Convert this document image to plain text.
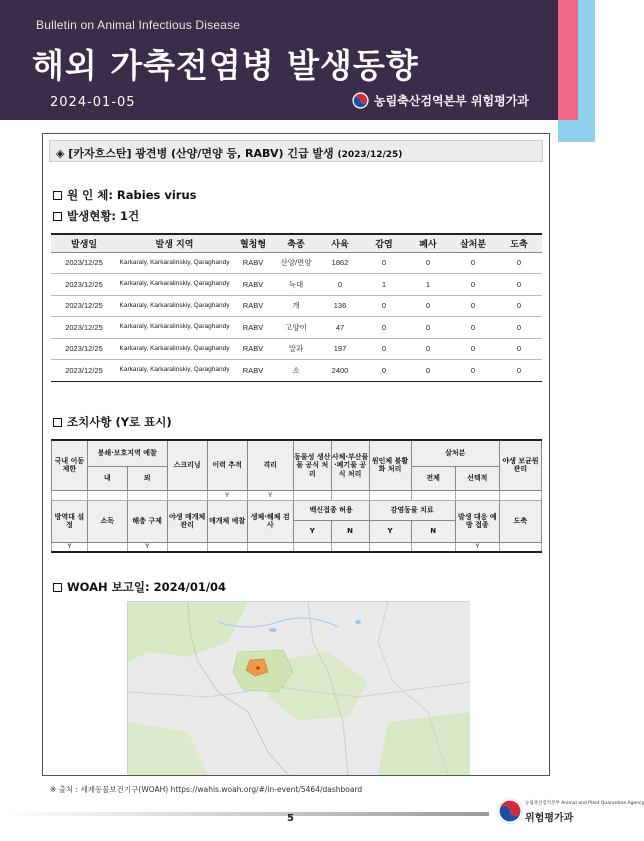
Bulletin on Animal Infectious Disease
해외 가축전염병 발생동향
2024-01-05	농림축산검역본부 위험평가과
◈ [카자흐스탄] 광견병 (산양/면양 등, RABV) 긴급 발생 (2023/12/25)
원 인 체: Rabies virus
발생현황: 1건
발생일	발생 지역	혈청형	축종	사육	감염	폐사	살처분	도축
2023/12/25	Karkaraly, Karkaralinskiy, Qaraghandy	RABV	산양/면양	1862	0	0	0	0
2023/12/25	Karkaraly, Karkaralinskiy, Qaraghandy	RABV	늑대	0	1	1	0	0
2023/12/25	Karkaraly, Karkaralinskiy, Qaraghandy	RABV	개	136	0	0	0	0
2023/12/25	Karkaraly, Karkaralinskiy, Qaraghandy	RABV	고양이	47	0	0	0	0
2023/12/25	Karkaraly, Karkaralinskiy, Qaraghandy	RABV	말과	197	0	0	0	0
2023/12/25	Karkaraly, Karkaralinskiy, Qaraghandy	RABV	소	2400	0	0	0	0
조치사항 (Y로 표시)
국내 이동 제한	봉쇄·보호지역 예찰		스크리닝	이력 추적	격리	동물성 생산물 공식 처리	사체·부산물·폐기물 공식 처리	원인체 불활화 처리	살처분		야생 보균원 관리
	내	외							전체	선택적	
				Y	Y						
방역대 설정	소독	해충 구제	야생 매개체 관리	매개체 예찰	생체·해체 검사	백신접종 허용		감염동물 치료		발생 대응 예방 접종	도축
						Y	N	Y	N		
Y		Y								Y	
WOAH 보고일: 2024/01/04
※ 출처 : 세계동물보건기구(WOAH) https://wahis.woah.org/#/in-event/5464/dashboard
5
농림축산검역본부 Animal and Plant Quarantine Agency
위험평가과
